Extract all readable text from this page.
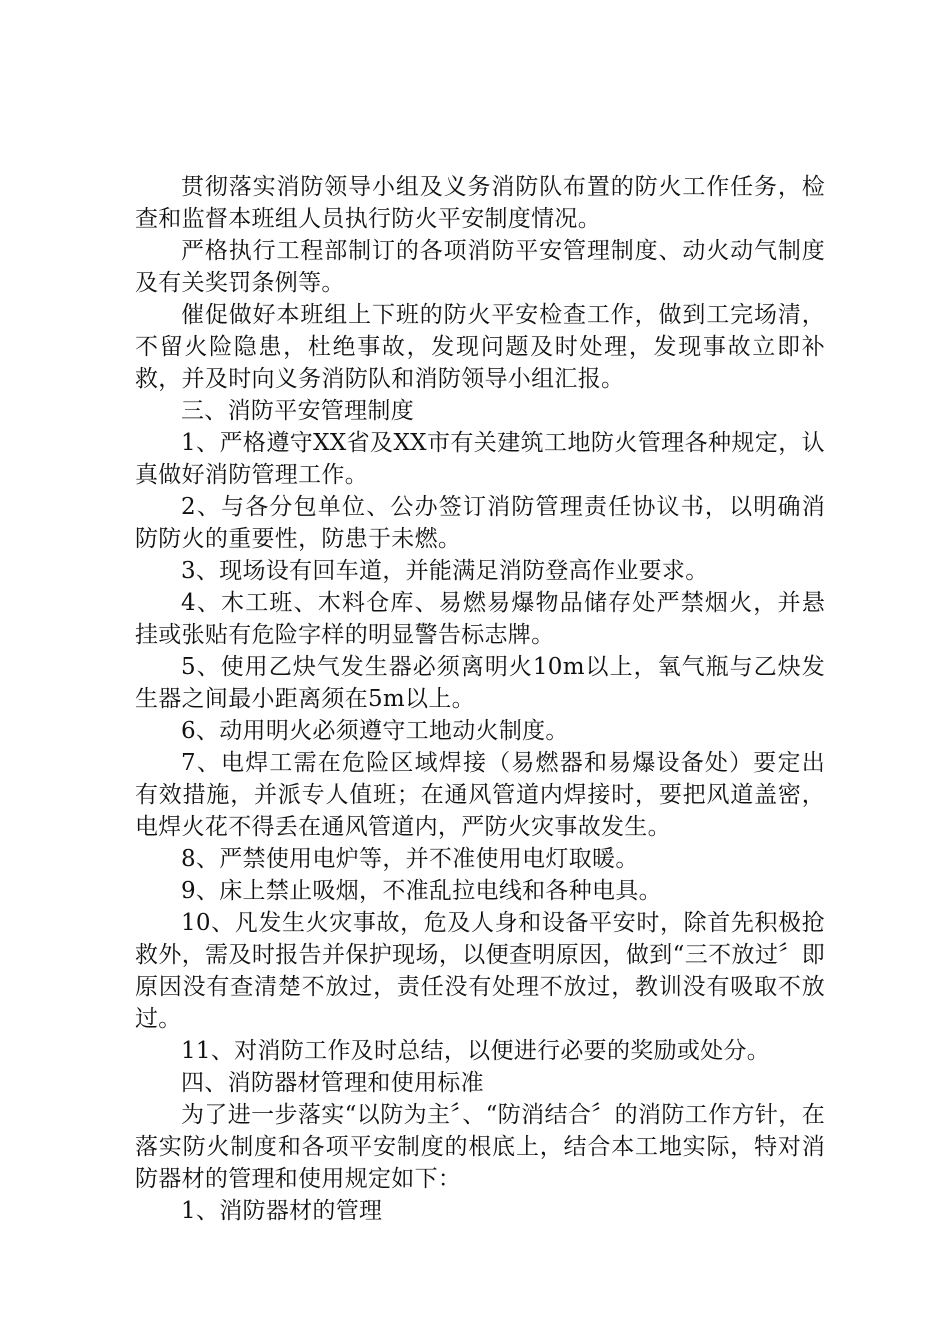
贯彻落实消防领导小组及义务消防队布置的防火工作任务，检查和监督本班组人员执行防火平安制度情况。

严格执行工程部制订的各项消防平安管理制度、动火动气制度及有关奖罚条例等。

催促做好本班组上下班的防火平安检查工作，做到工完场清，不留火险隐患，杜绝事故，发现问题及时处理，发现事故立即补救，并及时向义务消防队和消防领导小组汇报。

三、消防平安管理制度

1、严格遵守XX省及XX市有关建筑工地防火管理各种规定，认真做好消防管理工作。

2、与各分包单位、公办签订消防管理责任协议书，以明确消防防火的重要性，防患于未燃。

3、现场设有回车道，并能满足消防登高作业要求。

4、木工班、木料仓库、易燃易爆物品储存处严禁烟火，并悬挂或张贴有危险字样的明显警告标志牌。

5、使用乙炔气发生器必须离明火10m以上，氧气瓶与乙炔发生器之间最小距离须在5m以上。

6、动用明火必须遵守工地动火制度。

7、电焊工需在危险区域焊接（易燃器和易爆设备处）要定出有效措施，并派专人值班；在通风管道内焊接时，要把风道盖密，电焊火花不得丢在通风管道内，严防火灾事故发生。

8、严禁使用电炉等，并不准使用电灯取暖。

9、床上禁止吸烟，不准乱拉电线和各种电具。

10、凡发生火灾事故，危及人身和设备平安时，除首先积极抢救外，需及时报告并保护现场，以便查明原因，做到“三不放过〞即原因没有查清楚不放过，责任没有处理不放过，教训没有吸取不放过。

11、对消防工作及时总结，以便进行必要的奖励或处分。

四、消防器材管理和使用标准

为了进一步落实“以防为主〞、“防消结合〞的消防工作方针，在落实防火制度和各项平安制度的根底上，结合本工地实际，特对消防器材的管理和使用规定如下：

1、消防器材的管理
